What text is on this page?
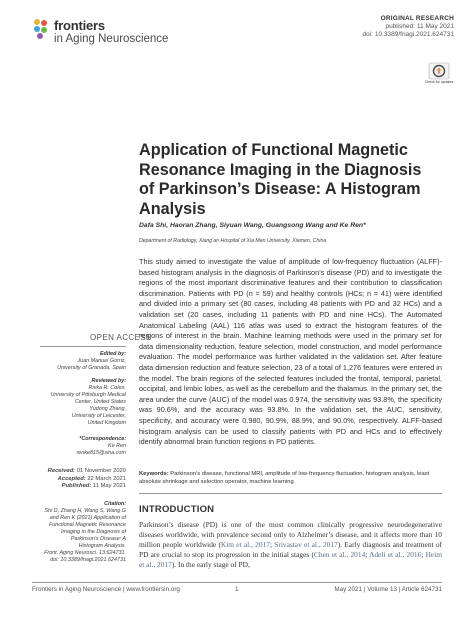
frontiers
in Aging Neuroscience
ORIGINAL RESEARCH
published: 11 May 2021
doi: 10.3389/fnagi.2021.624731
Check for updates
Application of Functional Magnetic Resonance Imaging in the Diagnosis of Parkinson’s Disease: A Histogram Analysis
Dafa Shi, Haoran Zhang, Siyuan Wang, Guangsong Wang and Ke Ren*
Department of Radiology, Xiang’an Hospital of Xia Men University, Xiamen, China

This study aimed to investigate the value of amplitude of low-frequency fluctuation (ALFF)-based histogram analysis in the diagnosis of Parkinson’s disease (PD) and to investigate the regions of the most important discriminative features and their contribution to classification discrimination. Patients with PD (n = 59) and healthy controls (HCs; n = 41) were identified and divided into a primary set (80 cases, including 48 patients with PD and 32 HCs) and a validation set (20 cases, including 11 patients with PD and nine HCs). The Automated Anatomical Labeling (AAL) 116 atlas was used to extract the histogram features of the regions of interest in the brain. Machine learning methods were used in the primary set for data dimensionality reduction, feature selection, model construction, and model performance evaluation. The model performance was further validated in the validation set. After feature data dimension reduction and feature selection, 23 of a total of 1,276 features were entered in the model. The brain regions of the selected features included the frontal, temporal, parietal, occipital, and limbic lobes, as well as the cerebellum and the thalamus. In the primary set, the area under the curve (AUC) of the model was 0.974, the sensitivity was 93.8%, the specificity was 90.6%, and the accuracy was 93.8%. In the validation set, the AUC, sensitivity, specificity, and accuracy were 0.980, 90.9%, 88.9%, and 90.0%, respectively. ALFF-based histogram analysis can be used to classify patients with PD and HCs and to effectively identify abnormal brain function regions in PD patients.

Keywords: Parkinson’s disease, functional MRI, amplitude of low-frequency fluctuation, histogram analysis, least absolute shrinkage and selection operator, machine learning
INTRODUCTION

Parkinson’s disease (PD) is one of the most common clinically progressive neurodegenerative diseases worldwide, with prevalence second only to Alzheimer’s disease, and it affects more than 10 million people worldwide (Kim et al., 2017; Srivastav et al., 2017). Early diagnosis and treatment of PD are crucial to stop its progression in the initial stages (Chen et al., 2014; Adeli et al., 2016; Heim et al., 2017). In the early stage of PD,

OPEN ACCESS
Edited by:
Juan Manuel Gorriz,
University of Granada, Spain
Reviewed by:
Rivka R. Colen,
University of Pittsburgh Medical
Center, United States
Yudong Zhang,
University of Leicester,
United Kingdom
*Correspondence:
Ke Ren
renke815@sina.com
Received: 01 November 2020
Accepted: 22 March 2021
Published: 11 May 2021
Citation:
Shi D, Zhang H, Wang S, Wang G
and Ren K (2021) Application of
Functional Magnetic Resonance
Imaging in the Diagnosis of
Parkinson’s Disease: A
Histogram Analysis.
Front. Aging Neurosci. 13:624731.
doi: 10.3389/fnagi.2021.624731
Frontiers in Aging Neuroscience | www.frontiersin.org	1	May 2021 | Volume 13 | Article 624731
